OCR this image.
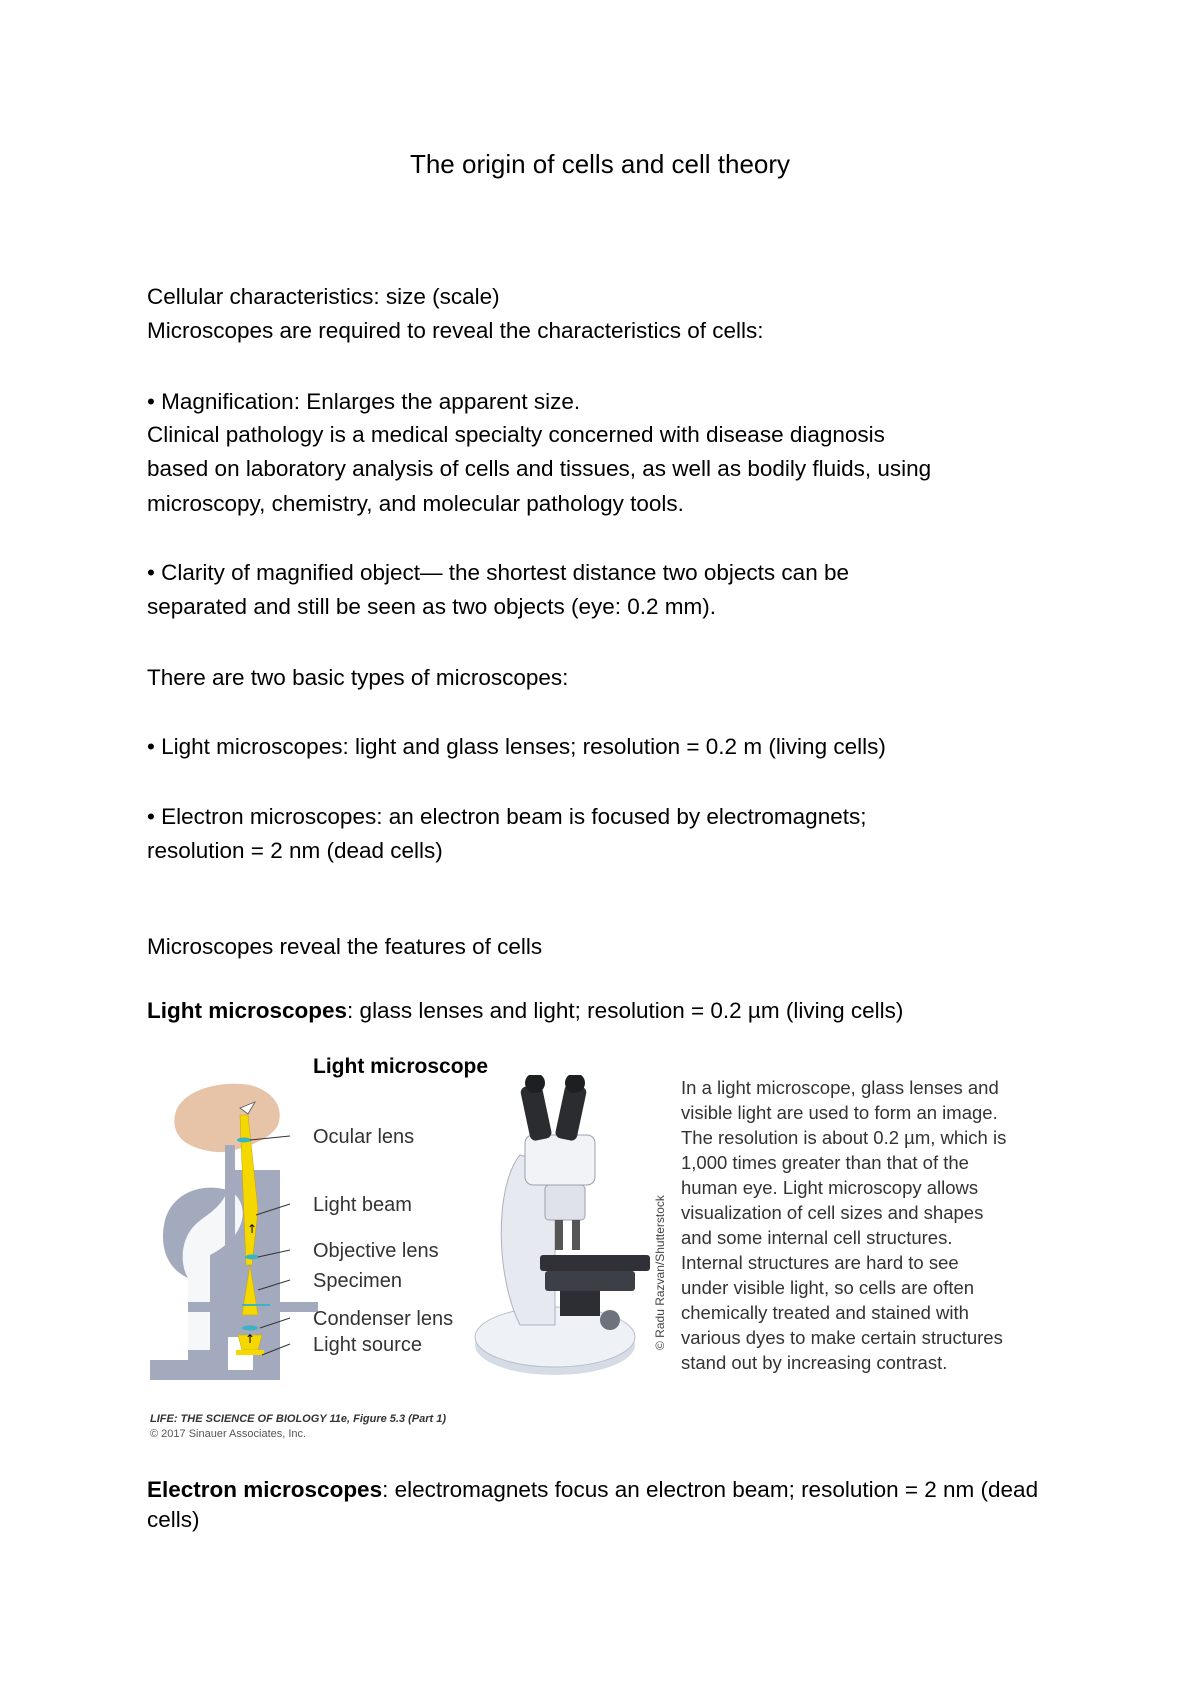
The origin of cells and cell theory
Cellular characteristics: size (scale)
Microscopes are required to reveal the characteristics of cells:
• Magnification: Enlarges the apparent size.
Clinical pathology is a medical specialty concerned with disease diagnosis
based on laboratory analysis of cells and tissues, as well as bodily fluids, using
microscopy, chemistry, and molecular pathology tools.
• Clarity of magnified object— the shortest distance two objects can be
separated and still be seen as two objects (eye: 0.2 mm).
There are two basic types of microscopes:
• Light microscopes: light and glass lenses; resolution = 0.2 m (living cells)
• Electron microscopes: an electron beam is focused by electromagnets;
resolution = 2 nm (dead cells)
Microscopes reveal the features of cells
Light microscopes: glass lenses and light; resolution = 0.2 µm (living cells)
Light microscope
↑
↑
Ocular lens
Light beam
Objective lens
Specimen
Condenser lens
Light source	© Radu Razvan/Shutterstock
In a light microscope, glass lenses and
visible light are used to form an image.
The resolution is about 0.2 µm, which is
1,000 times greater than that of the
human eye. Light microscopy allows
visualization of cell sizes and shapes
and some internal cell structures.
Internal structures are hard to see
under visible light, so cells are often
chemically treated and stained with
various dyes to make certain structures
stand out by increasing contrast.
LIFE: THE SCIENCE OF BIOLOGY 11e, Figure 5.3 (Part 1)
© 2017 Sinauer Associates, Inc.
Electron microscopes: electromagnets focus an electron beam; resolution = 2 nm (dead
cells)
